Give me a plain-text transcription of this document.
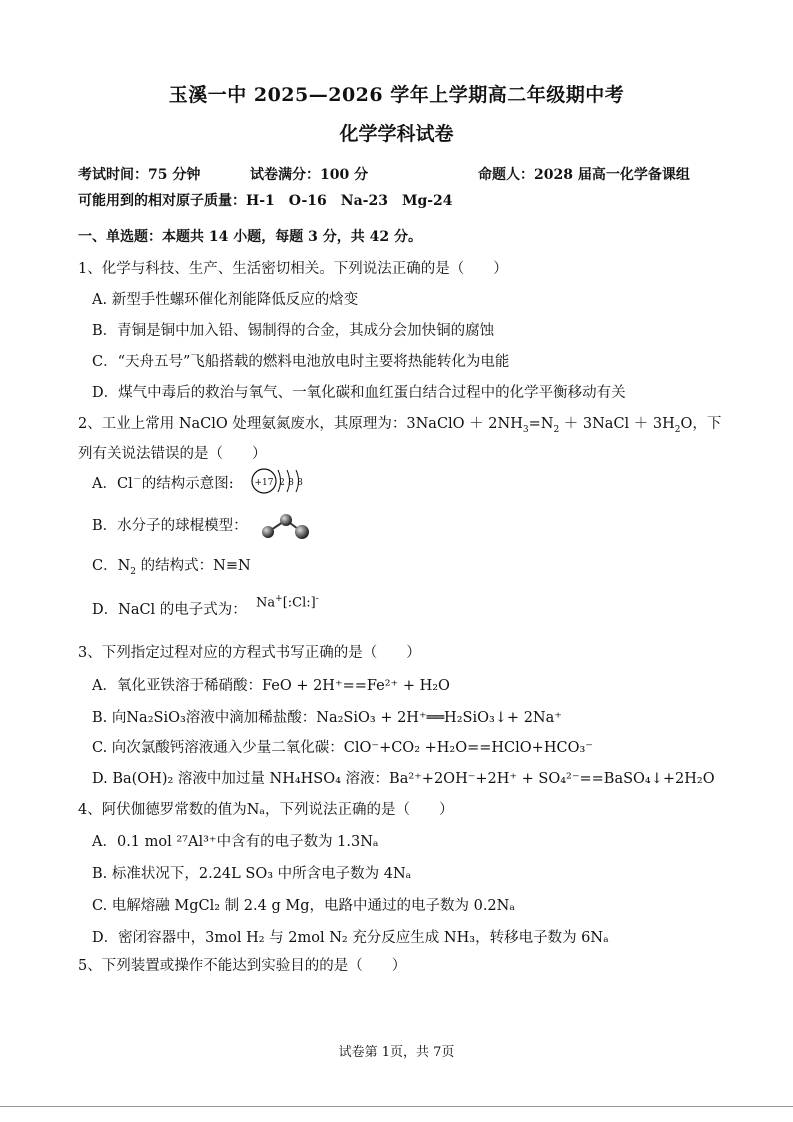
玉溪一中 2025—2026 学年上学期高二年级期中考
化学学科试卷
考试时间：75 分钟	试卷满分：100 分	命题人：2028 届高一化学备课组
可能用到的相对原子质量：H-1　O-16　Na-23　Mg-24
一、单选题：本题共 14 小题，每题 3 分，共 42 分。
1、化学与科技、生产、生活密切相关。下列说法正确的是（　　）
A. 新型手性螺环催化剂能降低反应的焓变
B．青铜是铜中加入铅、锡制得的合金，其成分会加快铜的腐蚀
C．“天舟五号”飞船搭载的燃料电池放电时主要将热能转化为电能
D．煤气中毒后的救治与氧气、一氧化碳和血红蛋白结合过程中的化学平衡移动有关
2、工业上常用 NaClO 处理氨氮废水，其原理为：3NaClO ＋ $2NH_3=N_2$ ＋ 3NaCl ＋ $3H_2O$，下
列有关说法错误的是（　　）
A．Cl－的结构示意图: +17 2 8 8
B．水分子的球棍模型：
C．$N_2$ 的结构式：N≡N
D．NaCl 的电子式为： Na+[:Cl:]-
3、下列指定过程对应的方程式书写正确的是（　　）
A．氧化亚铁溶于稀硝酸：FeO + 2H⁺==Fe²⁺ + H₂O
B. 向Na₂SiO₃溶液中滴加稀盐酸：Na₂SiO₃ + 2H⁺══H₂SiO₃↓+ 2Na⁺
C. 向次氯酸钙溶液通入少量二氧化碳：ClO⁻+CO₂ +H₂O==HClO+HCO₃⁻
D. Ba(OH)₂ 溶液中加过量 NH₄HSO₄ 溶液：Ba²⁺+2OH⁻+2H⁺ + SO₄²⁻==BaSO₄↓+2H₂O
4、阿伏伽德罗常数的值为Nₐ，下列说法正确的是（　　）
A．0.1 mol ²⁷Al³⁺中含有的电子数为 1.3Nₐ
B. 标准状况下，2.24L SO₃ 中所含电子数为 4Nₐ
C. 电解熔融 MgCl₂ 制 2.4 g Mg，电路中通过的电子数为 0.2Nₐ
D．密闭容器中，3mol H₂ 与 2mol N₂ 充分反应生成 NH₃，转移电子数为 6Nₐ
5、下列装置或操作不能达到实验目的的是（　　）
试卷第 1页，共 7页
